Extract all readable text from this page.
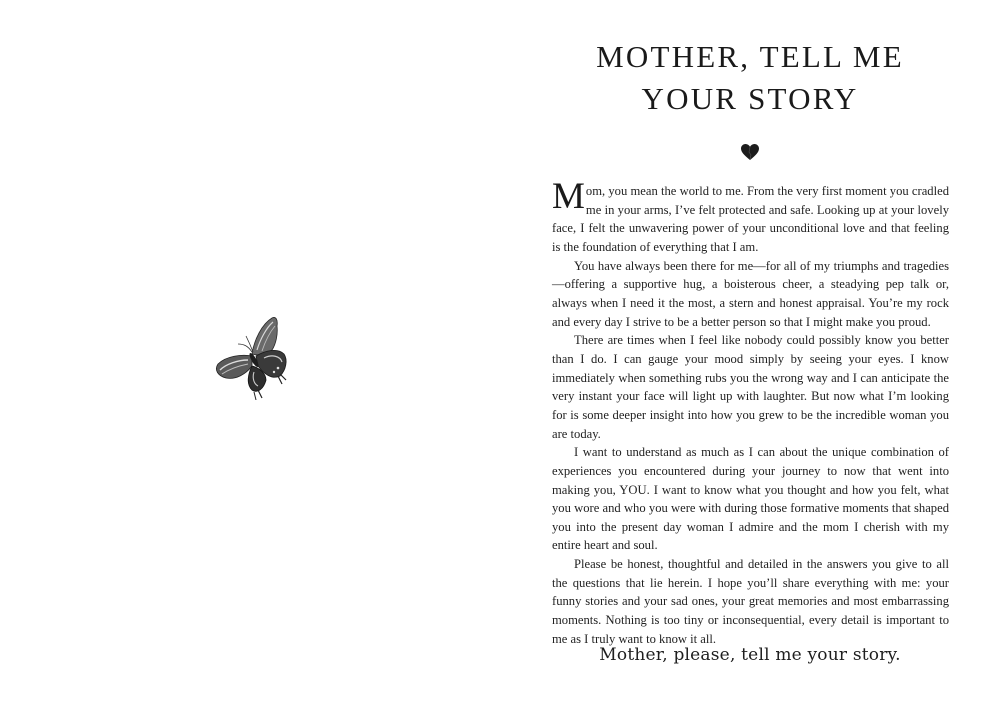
MOTHER, TELL ME
YOUR STORY

Mom, you mean the world to me. From the very first moment you cradled me in your arms, I’ve felt protected and safe. Looking up at your lovely face, I felt the unwavering power of your unconditional love and that feeling is the foundation of everything that I am.

You have always been there for me—for all of my triumphs and tragedies—offering a supportive hug, a boisterous cheer, a steadying pep talk or, always when I need it the most, a stern and honest appraisal. You’re my rock and every day I strive to be a better person so that I might make you proud.

There are times when I feel like nobody could possibly know you better than I do. I can gauge your mood simply by seeing your eyes. I know immediately when something rubs you the wrong way and I can anticipate the very instant your face will light up with laughter. But now what I’m looking for is some deeper insight into how you grew to be the incredible woman you are today.

I want to understand as much as I can about the unique combination of experiences you encountered during your journey to now that went into making you, YOU. I want to know what you thought and how you felt, what you wore and who you were with during those formative moments that shaped you into the present day woman I admire and the mom I cherish with my entire heart and soul.

Please be honest, thoughtful and detailed in the answers you give to all the questions that lie herein. I hope you’ll share everything with me: your funny stories and your sad ones, your great memories and most embarrassing moments. Nothing is too tiny or inconsequential, every detail is important to me as I truly want to know it all.

Mother, please, tell me your story.
